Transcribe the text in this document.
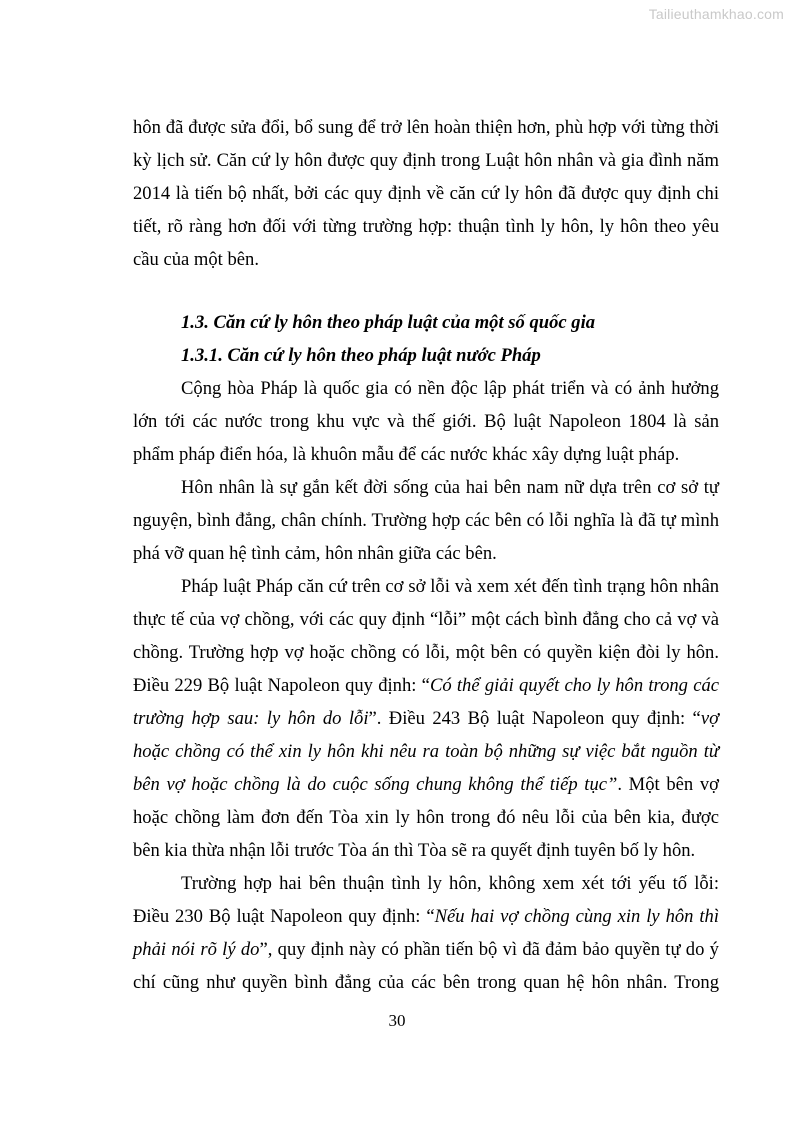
Tailieuthamkhao.com
hôn đã được sửa đổi, bổ sung để trở lên hoàn thiện hơn, phù hợp với từng thời
kỳ lịch sử. Căn cứ ly hôn được quy định trong Luật hôn nhân và gia đình năm
2014 là tiến bộ nhất, bởi các quy định về căn cứ ly hôn đã được quy định chi
tiết, rõ ràng hơn đối với từng trường hợp: thuận tình ly hôn, ly hôn theo yêu
cầu của một bên.
1.3. Căn cứ ly hôn theo pháp luật của một số quốc gia
1.3.1. Căn cứ ly hôn theo pháp luật nước Pháp
Cộng hòa Pháp là quốc gia có nền độc lập phát triển và có ảnh hưởng
lớn tới các nước trong khu vực và thế giới. Bộ luật Napoleon 1804 là sản
phẩm pháp điển hóa, là khuôn mẫu để các nước khác xây dựng luật pháp.
Hôn nhân là sự gắn kết đời sống của hai bên nam nữ dựa trên cơ sở tự
nguyện, bình đẳng, chân chính. Trường hợp các bên có lỗi nghĩa là đã tự mình
phá vỡ quan hệ tình cảm, hôn nhân giữa các bên.
Pháp luật Pháp căn cứ trên cơ sở lỗi và xem xét đến tình trạng hôn nhân
thực tế của vợ chồng, với các quy định “lỗi” một cách bình đẳng cho cả vợ và
chồng. Trường hợp vợ hoặc chồng có lỗi, một bên có quyền kiện đòi ly hôn.
Điều 229 Bộ luật Napoleon quy định: “Có thể giải quyết cho ly hôn trong các
trường hợp sau: ly hôn do lỗi”. Điều 243 Bộ luật Napoleon quy định: “vợ
hoặc chồng có thể xin ly hôn khi nêu ra toàn bộ những sự việc bắt nguồn từ
bên vợ hoặc chồng là do cuộc sống chung không thể tiếp tục”. Một bên vợ
hoặc chồng làm đơn đến Tòa xin ly hôn trong đó nêu lỗi của bên kia, được
bên kia thừa nhận lỗi trước Tòa án thì Tòa sẽ ra quyết định tuyên bố ly hôn.
Trường hợp hai bên thuận tình ly hôn, không xem xét tới yếu tố lỗi:
Điều 230 Bộ luật Napoleon quy định: “Nếu hai vợ chồng cùng xin ly hôn thì
phải nói rõ lý do”, quy định này có phần tiến bộ vì đã đảm bảo quyền tự do ý
chí cũng như quyền bình đẳng của các bên trong quan hệ hôn nhân. Trong
30
